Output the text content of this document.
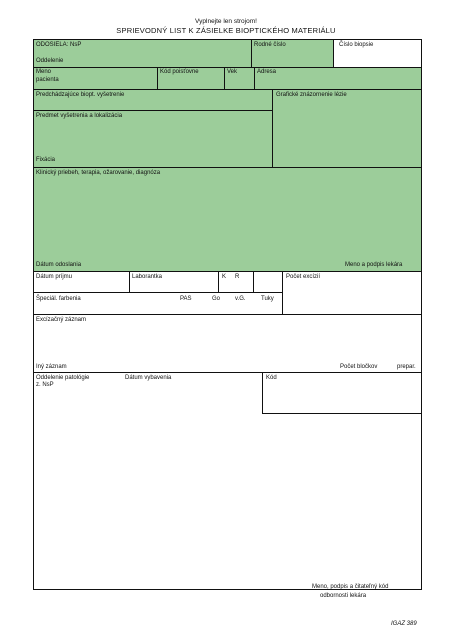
Vyplnejte len strojom!
SPRIEVODNÝ LIST K ZÁSIELKE BIOPTICKÉHO MATERIÁLU
ODOSIELA: NsP	Rodné číslo	Číslo biopsie
Oddelenie
Meno
pacienta
Kód poisťovne	Vek	Adresa
Predchádzajúce biopt. vyšetrenie	Grafické znázornenie lézie
Predmet vyšetrenia a lokalizácia
Fixácia
Klinický priebeh, terapia, ožarovanie, diagnóza
Dátum odoslania	Meno a podpis lekára
Dátum príjmu	Laborantka	K R	Počet excízií
Špeciál. farbenia	PAS	Go v.G.	Tuky
Excízačný záznam
Iný záznam	Počet bločkov	prepar.
Oddelenie patológie
z. NsP
Dátum vybavenia	Kód
Meno, podpis a čitateľný kód
odbornosti lekára
IGAZ 389
